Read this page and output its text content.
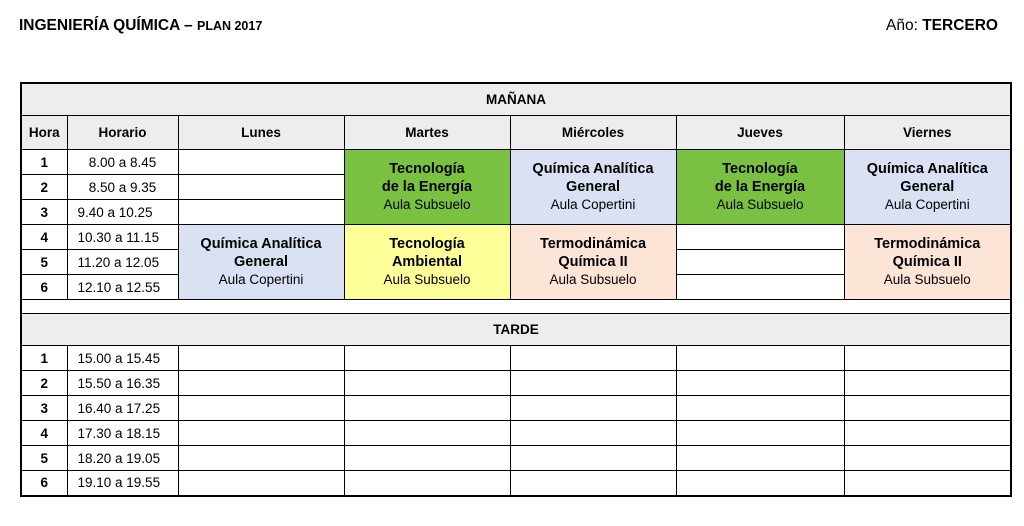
INGENIERÍA QUÍMICA – PLAN 2017	Año: TERCERO
MAÑANA						
Hora	Horario	Lunes	Martes	Miércoles	Jueves	Viernes
1	8.00 a 8.45		Tecnología
de la Energía
Aula Subsuelo	Química Analítica
General
Aula Copertini	Tecnología
de la Energía
Aula Subsuelo	Química Analítica
General
Aula Copertini

2	8.50 a 9.35					
3	9.40 a 10.25					
4	10.30 a 11.15	Química Analítica
General
Aula Copertini	Tecnología
Ambiental
Aula Subsuelo	Termodinámica
Química II
Aula Subsuelo		Termodinámica
Química II
Aula Subsuelo

5	11.20 a 12.05					
6	12.10 a 12.55					

TARDE						
1	15.00 a 15.45					
2	15.50 a 16.35					
3	16.40 a 17.25					
4	17.30 a 18.15					
5	18.20 a 19.05					
6	19.10 a 19.55					
